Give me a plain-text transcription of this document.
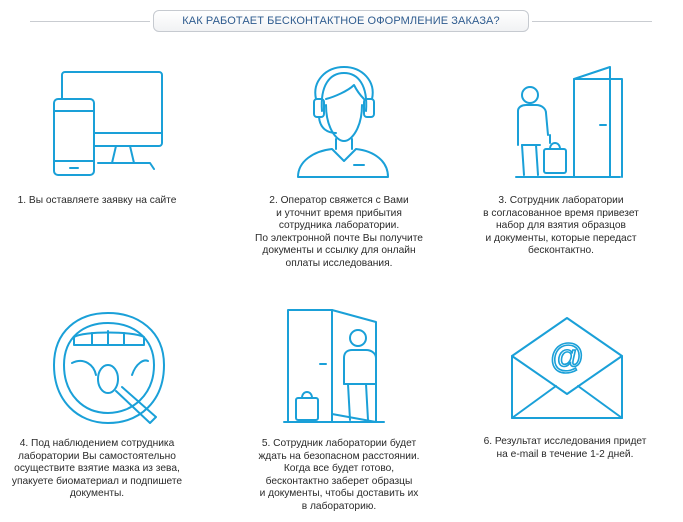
КАК РАБОТАЕТ БЕСКОНТАКТНОЕ ОФОРМЛЕНИЕ ЗАКАЗА?
1. Вы оставляете заявку на сайте	2. Оператор свяжется с Вами
и уточнит время прибытия
сотрудника лаборатории.
По электронной почте Вы получите
документы и ссылку для онлайн
оплаты исследования.
3. Сотрудник лаборатории
в согласованное время привезет
набор для взятия образцов
и документы, которые передаст
бесконтактно.
4. Под наблюдением сотрудника
лаборатории Вы самостоятельно
осуществите взятие мазка из зева,
упакуете биоматериал и подпишете
документы.
5. Сотрудник лаборатории будет
ждать на безопасном расстоянии.
Когда все будет готово,
бесконтактно заберет образцы
и документы, чтобы доставить их
в лабораторию.
@
6. Результат исследования придет
на e-mail в течение 1-2 дней.
